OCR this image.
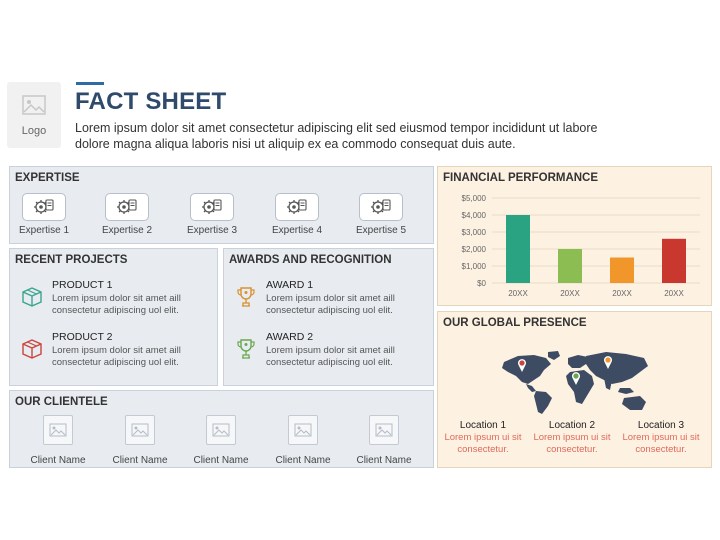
Logo
FACT SHEET
Lorem ipsum dolor sit amet consectetur adipiscing elit sed eiusmod tempor incididunt ut labore dolore magna aliqua laboris nisi ut aliquip ex ea commodo consequat duis aute.
EXPERTISE
Expertise 1	Expertise 2	Expertise 3	Expertise 4	Expertise 5
RECENT PROJECTS
PRODUCT 1
Lorem ipsum dolor sit amet aill consectetur adipiscing uol elit.
PRODUCT 2
Lorem ipsum dolor sit amet aill consectetur adipiscing uol elit.
AWARDS AND RECOGNITION
AWARD 1
Lorem ipsum dolor sit amet aill consectetur adipiscing uol elit.
AWARD 2
Lorem ipsum dolor sit amet aill consectetur adipiscing uol elit.
OUR CLIENTELE
Client Name	Client Name	Client Name	Client Name	Client Name
FINANCIAL PERFORMANCE
$5,000
$4,000
$3,000
$2,000
$1,000
$0
20XX	20XX	20XX	20XX
OUR GLOBAL PRESENCE
Location 1
Lorem ipsum ui sit consectetur.
Location 2
Lorem ipsum ui sit consectetur.
Location 3
Lorem ipsum ui sit consectetur.
